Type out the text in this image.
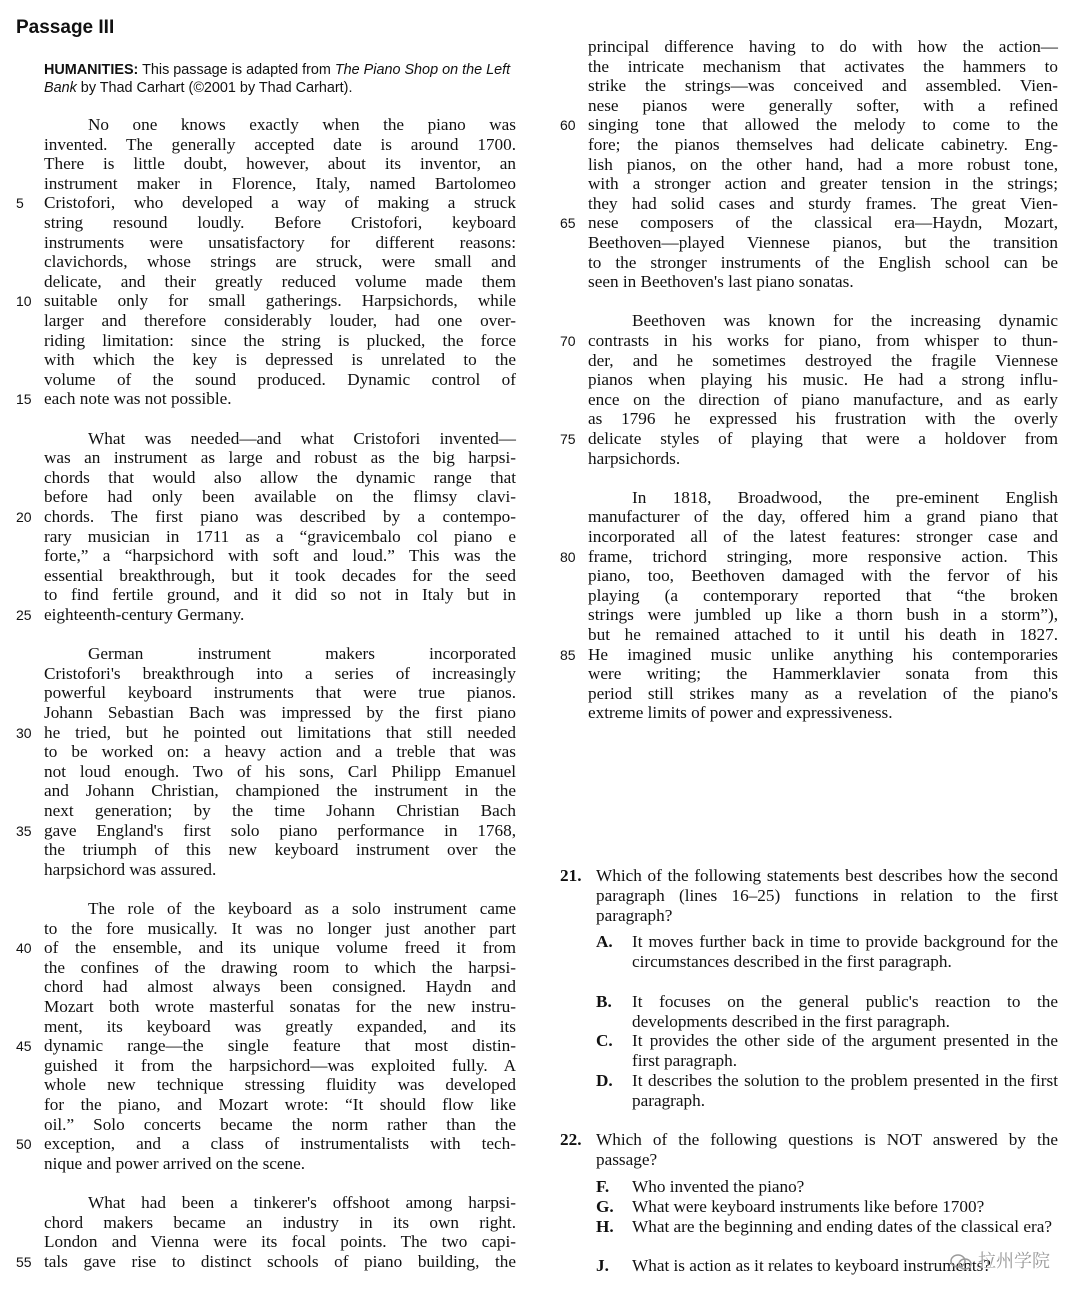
Passage III
HUMANITIES: This passage is adapted from The Piano Shop on the Left Bank by Thad Carhart (©2001 by Thad Carhart).
No one knows exactly when the piano was
invented. The generally accepted date is around 1700.
There is little doubt, however, about its inventor, an
instrument maker in Florence, Italy, named Bartolomeo
5	Cristofori, who developed a way of making a struck
string resound loudly. Before Cristofori, keyboard
instruments were unsatisfactory for different reasons:
clavichords, whose strings are struck, were small and
delicate, and their greatly reduced volume made them
10 suitable only for small gatherings. Harpsichords, while
larger and therefore considerably louder, had one over-
riding limitation: since the string is plucked, the force
with which the key is depressed is unrelated to the
volume of the sound produced. Dynamic control of
15 each note was not possible.
What was needed—and what Cristofori invented—
was an instrument as large and robust as the big harpsi-
chords that would also allow the dynamic range that
before had only been available on the flimsy clavi-
20 chords. The first piano was described by a contempo-
rary musician in 1711 as a “gravicembalo col piano e
forte,” a “harpsichord with soft and loud.” This was the
essential breakthrough, but it took decades for the seed
to find fertile ground, and it did so not in Italy but in
25 eighteenth-century Germany.
German instrument makers incorporated
Cristofori's breakthrough into a series of increasingly
powerful keyboard instruments that were true pianos.
Johann Sebastian Bach was impressed by the first piano
30 he tried, but he pointed out limitations that still needed
to be worked on: a heavy action and a treble that was
not loud enough. Two of his sons, Carl Philipp Emanuel
and Johann Christian, championed the instrument in the
next generation; by the time Johann Christian Bach
35 gave England's first solo piano performance in 1768,
the triumph of this new keyboard instrument over the
harpsichord was assured.
The role of the keyboard as a solo instrument came
to the fore musically. It was no longer just another part
40 of the ensemble, and its unique volume freed it from
the confines of the drawing room to which the harpsi-
chord had almost always been consigned. Haydn and
Mozart both wrote masterful sonatas for the new instru-
ment, its keyboard was greatly expanded, and its
45 dynamic range—the single feature that most distin-
guished it from the harpsichord—was exploited fully. A
whole new technique stressing fluidity was developed
for the piano, and Mozart wrote: “It should flow like
oil.” Solo concerts became the norm rather than the
50 exception, and a class of instrumentalists with tech-
nique and power arrived on the scene.
What had been a tinkerer's offshoot among harpsi-
chord makers became an industry in its own right.
London and Vienna were its focal points. The two capi-
55 tals gave rise to distinct schools of piano building, the
principal difference having to do with how the action—
the intricate mechanism that activates the hammers to
strike the strings—was conceived and assembled. Vien-
nese pianos were generally softer, with a refined
60 singing tone that allowed the melody to come to the
fore; the pianos themselves had delicate cabinetry. Eng-
lish pianos, on the other hand, had a more robust tone,
with a stronger action and greater tension in the strings;
they had solid cases and sturdy frames. The great Vien-
65 nese composers of the classical era—Haydn, Mozart,
Beethoven—played Viennese pianos, but the transition
to the stronger instruments of the English school can be
seen in Beethoven's last piano sonatas.
Beethoven was known for the increasing dynamic
70 contrasts in his works for piano, from whisper to thun-
der, and he sometimes destroyed the fragile Viennese
pianos when playing his music. He had a strong influ-
ence on the direction of piano manufacture, and as early
as 1796 he expressed his frustration with the overly
75 delicate styles of playing that were a holdover from
harpsichords.
In 1818, Broadwood, the pre-eminent English
manufacturer of the day, offered him a grand piano that
incorporated all of the latest features: stronger case and
80 frame, trichord stringing, more responsive action. This
piano, too, Beethoven damaged with the fervor of his
playing (a contemporary reported that “the broken
strings were jumbled up like a thorn bush in a storm”),
but he remained attached to it until his death in 1827.
85 He imagined music unlike anything his contemporaries
were writing; the Hammerklavier sonata from this
period still strikes many as a revelation of the piano's
extreme limits of power and expressiveness.
21. Which of the following statements best describes how the second paragraph (lines 16–25) functions in relation to the first paragraph?
A. It moves further back in time to provide background for the circumstances described in the first paragraph.
B. It focuses on the general public's reaction to the developments described in the first paragraph.
C. It provides the other side of the argument presented in the first paragraph.
D. It describes the solution to the problem presented in the first paragraph.
22. Which of the following questions is NOT answered by the passage?
F. Who invented the piano?
G. What were keyboard instruments like before 1700?
H. What are the beginning and ending dates of the classical era?
J. What is action as it relates to keyboard instruments?
拉州学院
